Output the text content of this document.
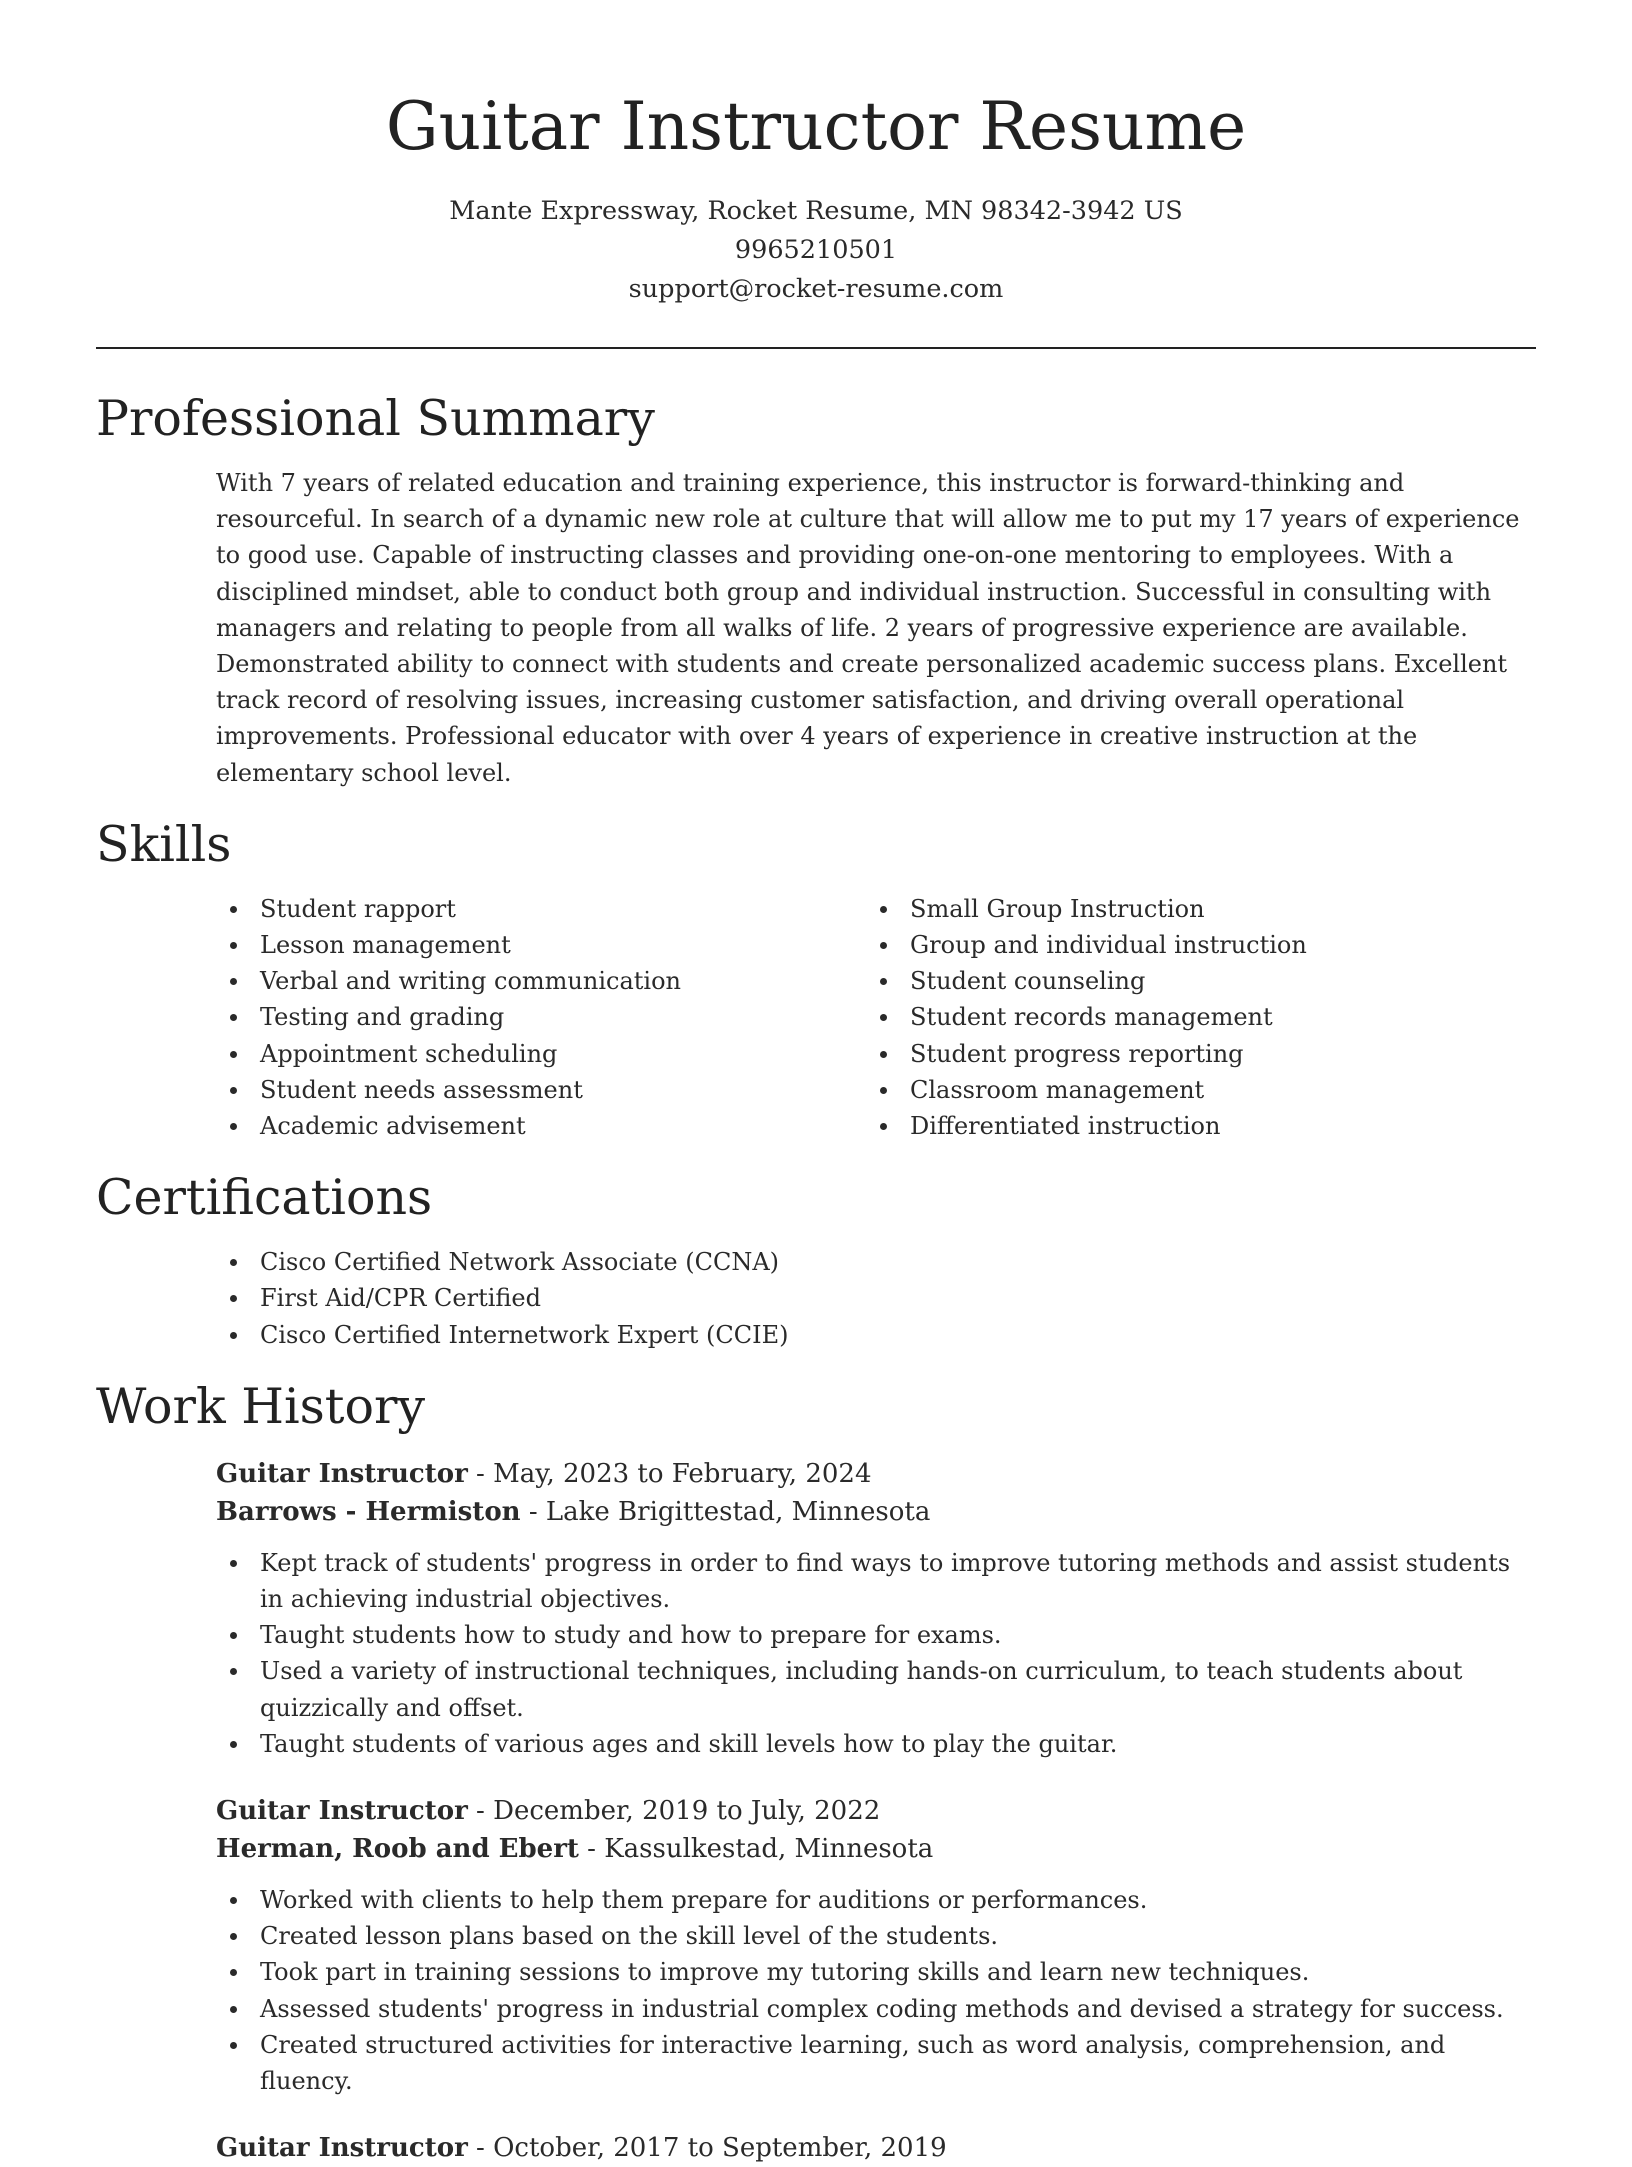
Guitar Instructor Resume
Mante Expressway, Rocket Resume, MN 98342-3942 US
9965210501
support@rocket-resume.com
Professional Summary

With 7 years of related education and training experience, this instructor is forward-thinking and resourceful. In search of a dynamic new role at culture that will allow me to put my 17 years of experience to good use. Capable of instructing classes and providing one-on-one mentoring to employees. With a disciplined mindset, able to conduct both group and individual instruction. Successful in consulting with managers and relating to people from all walks of life. 2 years of progressive experience are available. Demonstrated ability to connect with students and create personalized academic success plans. Excellent track record of resolving issues, increasing customer satisfaction, and driving overall operational improvements. Professional educator with over 4 years of experience in creative instruction at the elementary school level.

Skills
Student rapport
Lesson management
Verbal and writing communication
Testing and grading
Appointment scheduling
Student needs assessment
Academic advisement
Small Group Instruction
Group and individual instruction
Student counseling
Student records management
Student progress reporting
Classroom management
Differentiated instruction
Certifications
Cisco Certified Network Associate (CCNA)
First Aid/CPR Certified
Cisco Certified Internetwork Expert (CCIE)
Work History
Guitar Instructor - May, 2023 to February, 2024
Barrows - Hermiston - Lake Brigittestad, Minnesota
Kept track of students' progress in order to find ways to improve tutoring methods and assist students in achieving industrial objectives.
Taught students how to study and how to prepare for exams.
Used a variety of instructional techniques, including hands-on curriculum, to teach students about quizzically and offset.
Taught students of various ages and skill levels how to play the guitar.
Guitar Instructor - December, 2019 to July, 2022
Herman, Roob and Ebert - Kassulkestad, Minnesota
Worked with clients to help them prepare for auditions or performances.
Created lesson plans based on the skill level of the students.
Took part in training sessions to improve my tutoring skills and learn new techniques.
Assessed students' progress in industrial complex coding methods and devised a strategy for success.
Created structured activities for interactive learning, such as word analysis, comprehension, and fluency.
Guitar Instructor - October, 2017 to September, 2019
